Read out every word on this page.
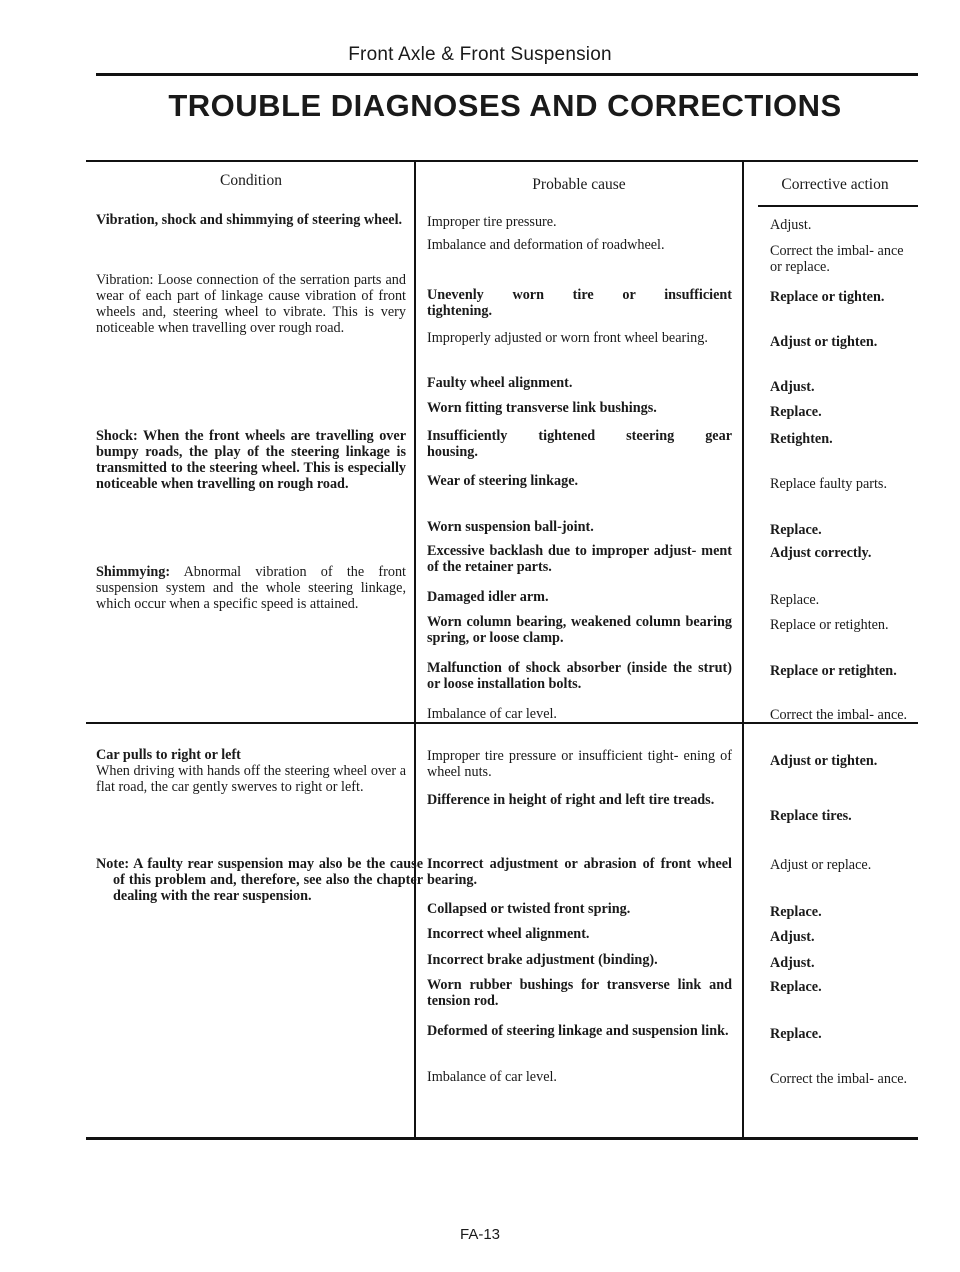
Front Axle & Front Suspension
TROUBLE DIAGNOSES AND CORRECTIONS
Condition	Probable cause	Corrective action
Vibration, shock and shimmying of steering wheel.
Vibration: Loose connection of the serration parts and wear of each part of linkage cause vibration of front wheels and, steering wheel to vibrate. This is very noticeable when travelling over rough road.
Shock: When the front wheels are travelling over bumpy roads, the play of the steering linkage is transmitted to the steering wheel. This is especially noticeable when travelling on rough road.
Shimmying: Abnormal vibration of the front suspension system and the whole steering linkage, which occur when a specific speed is attained.
Improper tire pressure.
Imbalance and deformation of roadwheel.
Unevenly worn tire or insufficient tightening.
Improperly adjusted or worn front wheel bearing.
Faulty wheel alignment.
Worn fitting transverse link bushings.
Insufficiently tightened steering gear housing.
Wear of steering linkage.
Worn suspension ball-joint.
Excessive backlash due to improper adjust- ment of the retainer parts.
Damaged idler arm.
Worn column bearing, weakened column bearing spring, or loose clamp.
Malfunction of shock absorber (inside the strut) or loose installation bolts.
Imbalance of car level.
Adjust.
Correct the imbal- ance or replace.
Replace or tighten.
Adjust or tighten.
Adjust.
Replace.
Retighten.
Replace faulty parts.
Replace.
Adjust correctly.
Replace.
Replace or retighten.
Replace or retighten.
Correct the imbal- ance.
Car pulls to right or left
When driving with hands off the steering wheel over a flat road, the car gently swerves to right or left.
Note: A faulty rear suspension may also be the cause of this problem and, therefore, see also the chapter dealing with the rear suspension.
Improper tire pressure or insufficient tight- ening of wheel nuts.
Difference in height of right and left tire treads.
Incorrect adjustment or abrasion of front wheel bearing.
Collapsed or twisted front spring.
Incorrect wheel alignment.
Incorrect brake adjustment (binding).
Worn rubber bushings for transverse link and tension rod.
Deformed of steering linkage and suspension link.
Imbalance of car level.
Adjust or tighten.
Replace tires.
Adjust or replace.
Replace.
Adjust.
Adjust.
Replace.
Replace.
Correct the imbal- ance.
FA-13
